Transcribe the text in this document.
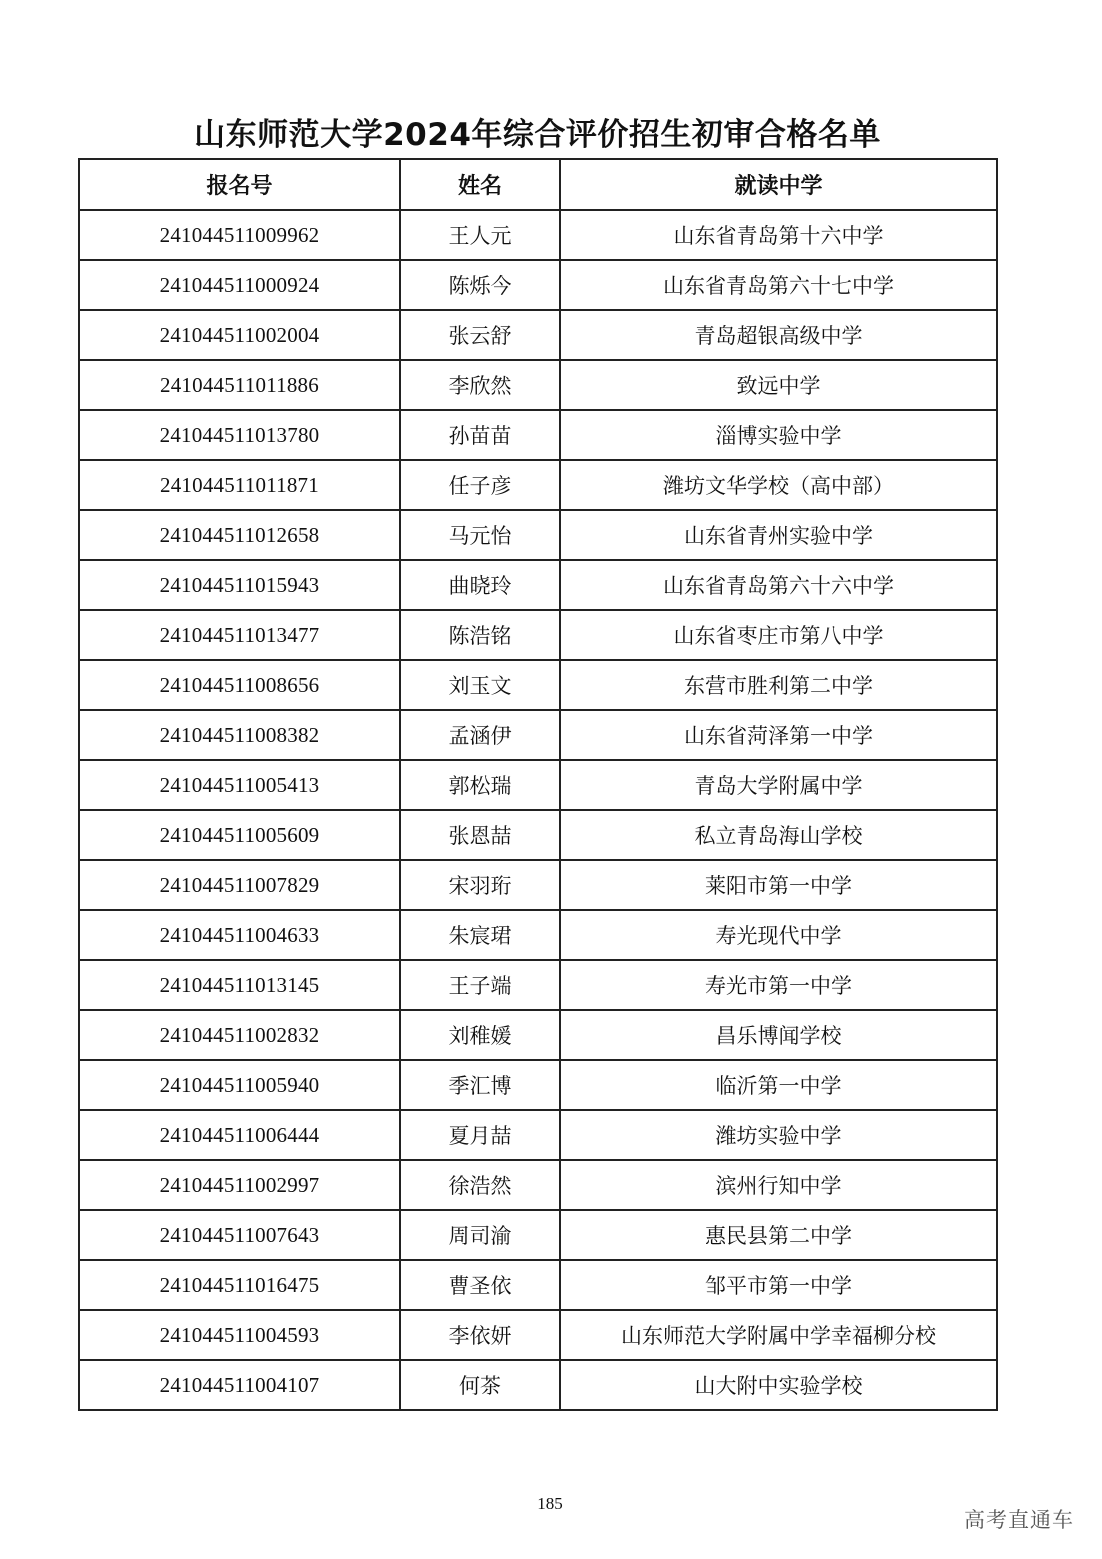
山东师范大学2024年综合评价招生初审合格名单
报名号	姓名	就读中学
241044511009962	王人元	山东省青岛第十六中学
241044511000924	陈烁今	山东省青岛第六十七中学
241044511002004	张云舒	青岛超银高级中学
241044511011886	李欣然	致远中学
241044511013780	孙苗苗	淄博实验中学
241044511011871	任子彦	潍坊文华学校（高中部）
241044511012658	马元怡	山东省青州实验中学
241044511015943	曲晓玲	山东省青岛第六十六中学
241044511013477	陈浩铭	山东省枣庄市第八中学
241044511008656	刘玉文	东营市胜利第二中学
241044511008382	孟涵伊	山东省菏泽第一中学
241044511005413	郭松瑞	青岛大学附属中学
241044511005609	张恩喆	私立青岛海山学校
241044511007829	宋羽珩	莱阳市第一中学
241044511004633	朱宸珺	寿光现代中学
241044511013145	王子端	寿光市第一中学
241044511002832	刘稚媛	昌乐博闻学校
241044511005940	季汇博	临沂第一中学
241044511006444	夏月喆	潍坊实验中学
241044511002997	徐浩然	滨州行知中学
241044511007643	周司渝	惠民县第二中学
241044511016475	曹圣依	邹平市第一中学
241044511004593	李依妍	山东师范大学附属中学幸福柳分校
241044511004107	何茶	山大附中实验学校
185
高考直通车
